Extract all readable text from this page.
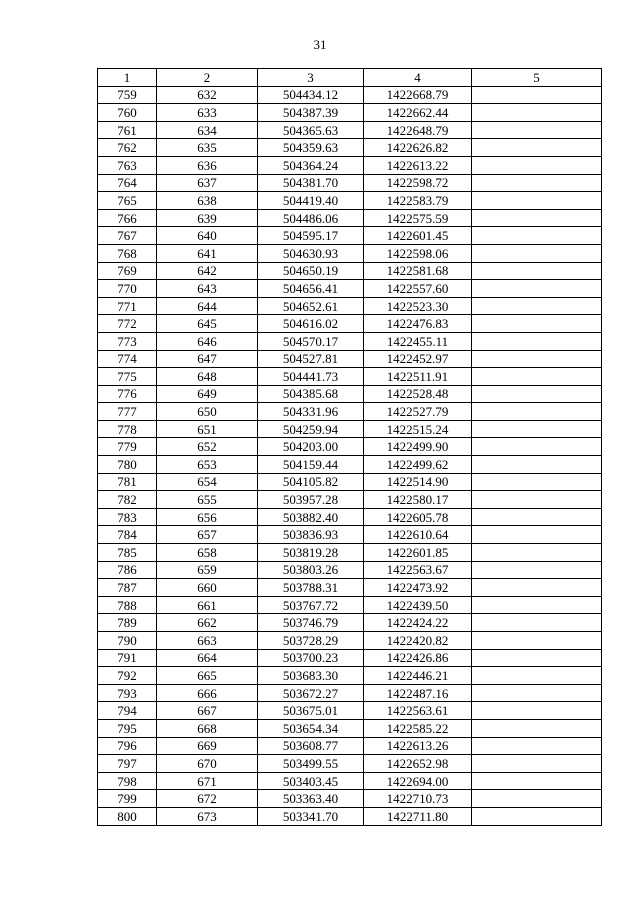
31
1	2	3	4	5
759	632	504434.12	1422668.79	
760	633	504387.39	1422662.44	
761	634	504365.63	1422648.79	
762	635	504359.63	1422626.82	
763	636	504364.24	1422613.22	
764	637	504381.70	1422598.72	
765	638	504419.40	1422583.79	
766	639	504486.06	1422575.59	
767	640	504595.17	1422601.45	
768	641	504630.93	1422598.06	
769	642	504650.19	1422581.68	
770	643	504656.41	1422557.60	
771	644	504652.61	1422523.30	
772	645	504616.02	1422476.83	
773	646	504570.17	1422455.11	
774	647	504527.81	1422452.97	
775	648	504441.73	1422511.91	
776	649	504385.68	1422528.48	
777	650	504331.96	1422527.79	
778	651	504259.94	1422515.24	
779	652	504203.00	1422499.90	
780	653	504159.44	1422499.62	
781	654	504105.82	1422514.90	
782	655	503957.28	1422580.17	
783	656	503882.40	1422605.78	
784	657	503836.93	1422610.64	
785	658	503819.28	1422601.85	
786	659	503803.26	1422563.67	
787	660	503788.31	1422473.92	
788	661	503767.72	1422439.50	
789	662	503746.79	1422424.22	
790	663	503728.29	1422420.82	
791	664	503700.23	1422426.86	
792	665	503683.30	1422446.21	
793	666	503672.27	1422487.16	
794	667	503675.01	1422563.61	
795	668	503654.34	1422585.22	
796	669	503608.77	1422613.26	
797	670	503499.55	1422652.98	
798	671	503403.45	1422694.00	
799	672	503363.40	1422710.73	
800	673	503341.70	1422711.80	
